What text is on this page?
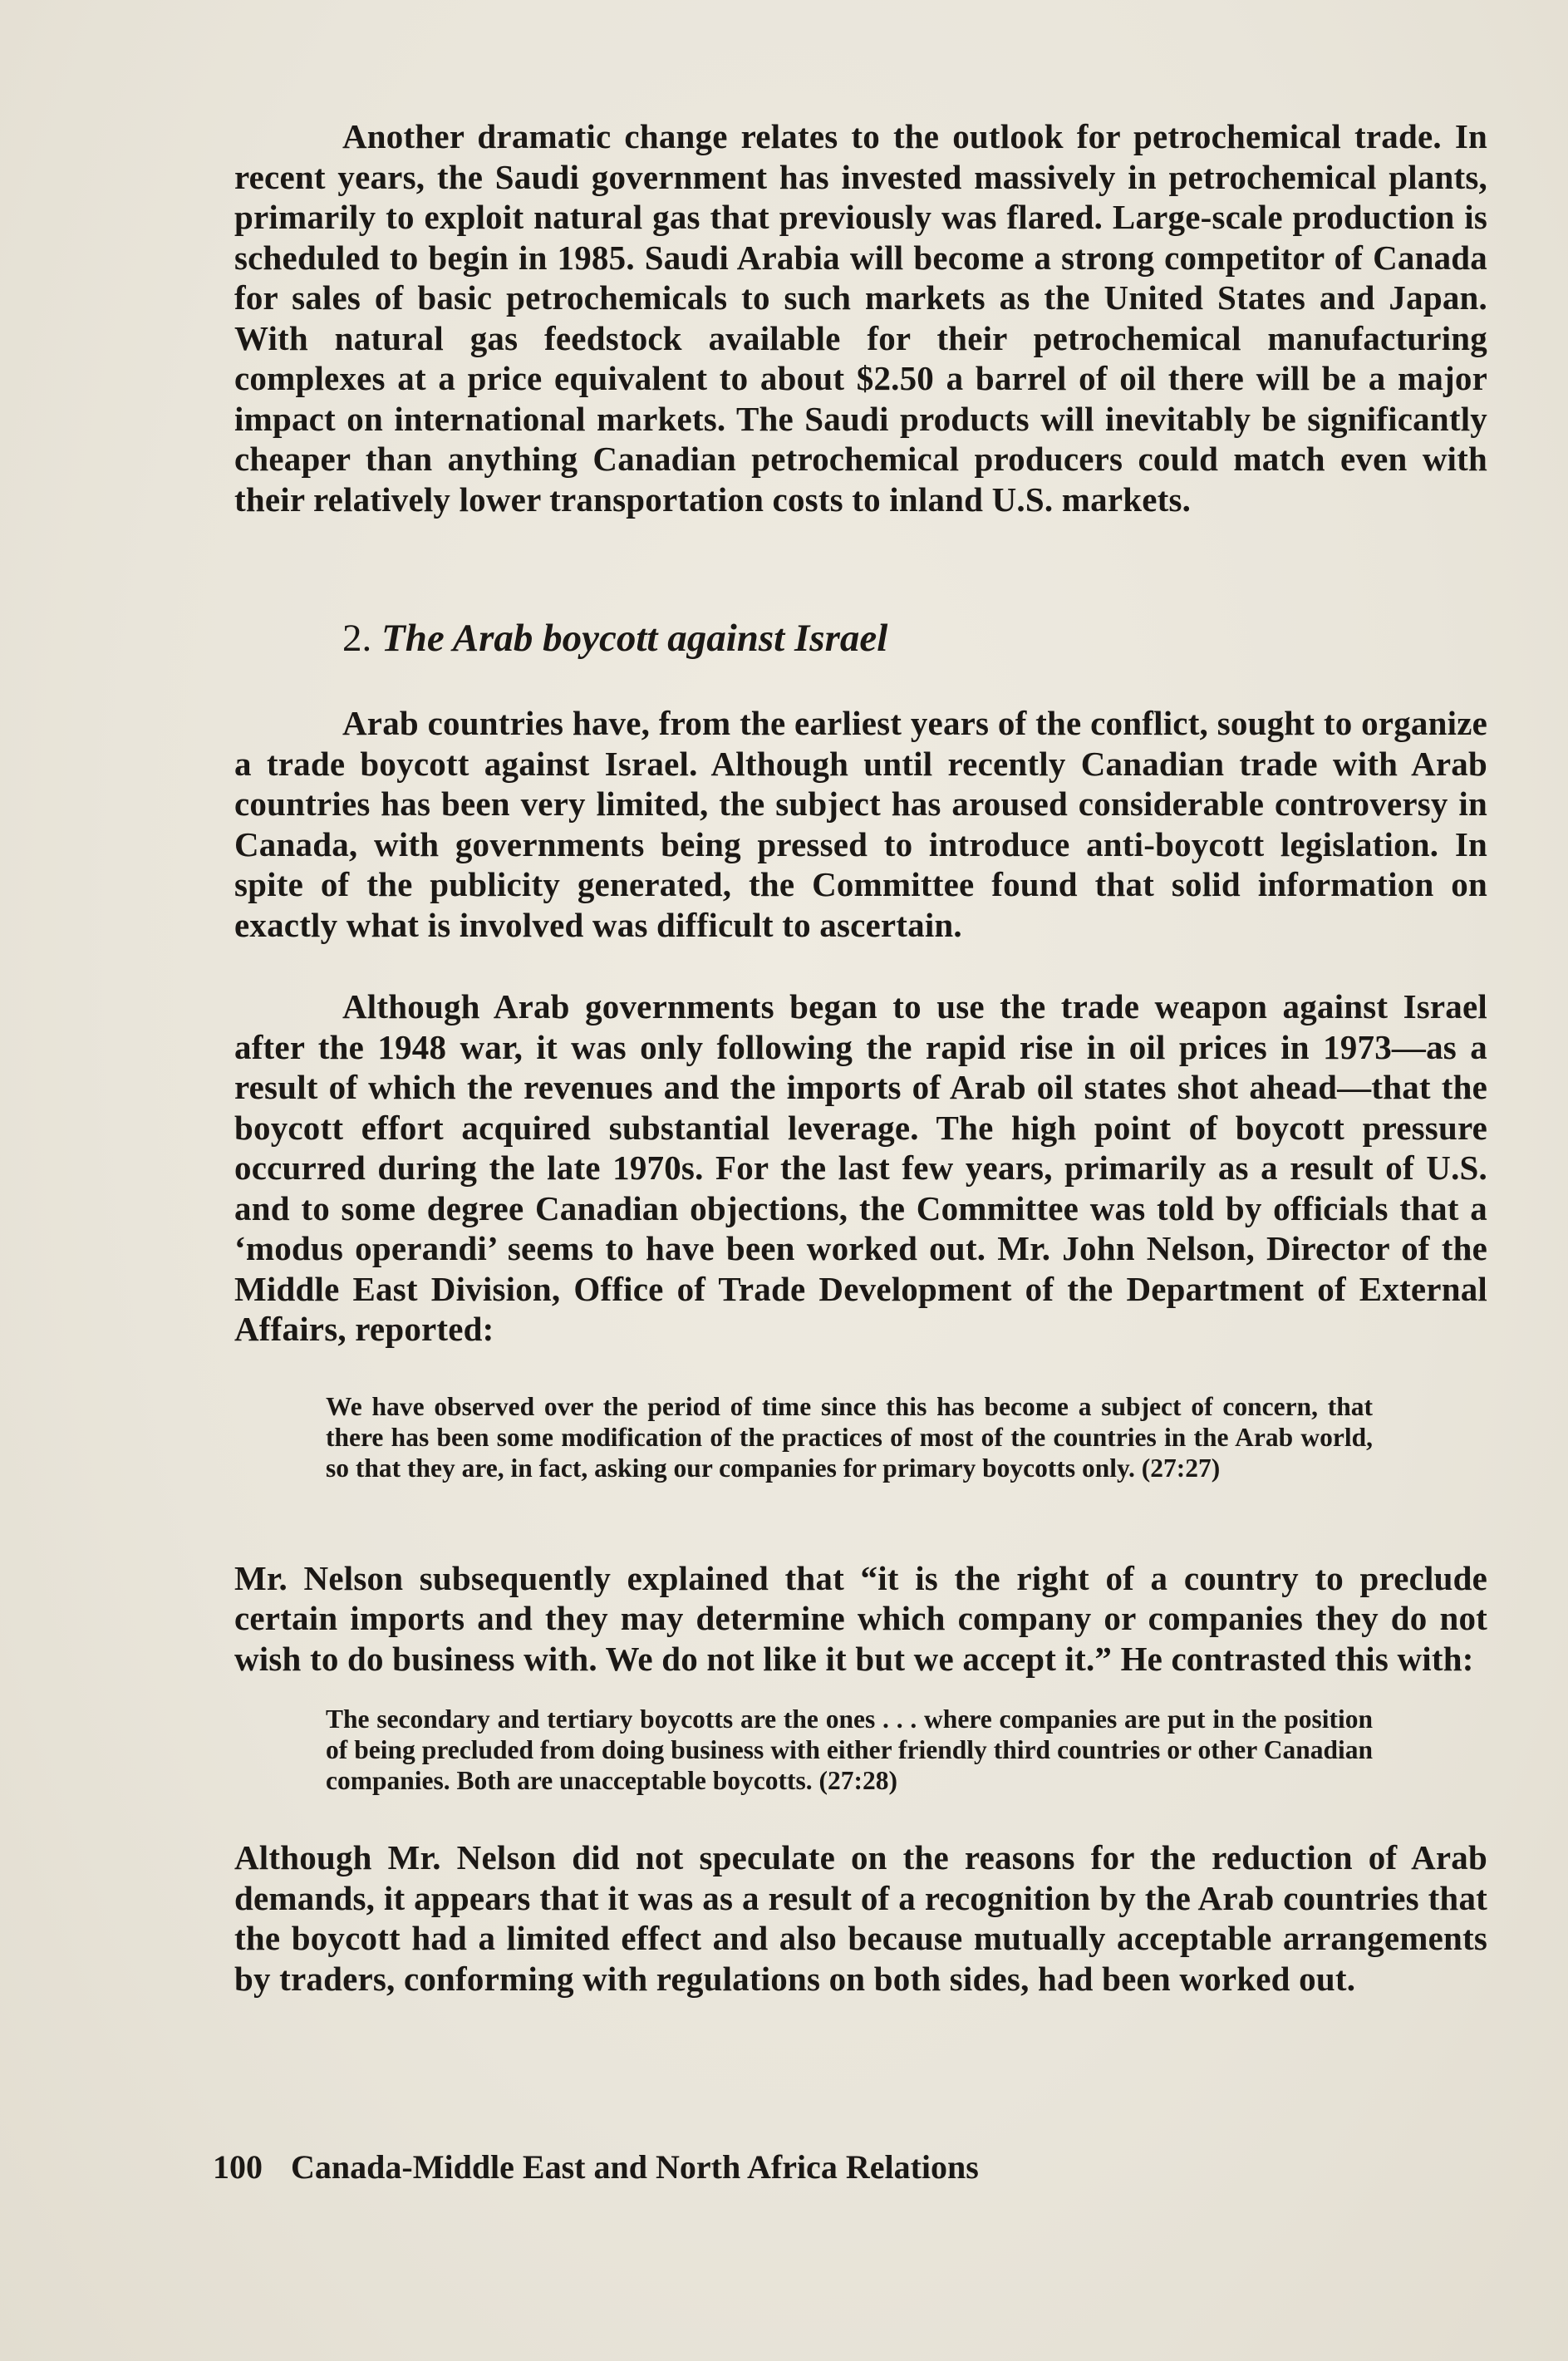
Another dramatic change relates to the outlook for petrochemical trade. In recent years, the Saudi government has invested massively in petrochemical plants, primarily to exploit natural gas that previously was flared. Large-scale production is scheduled to begin in 1985. Saudi Arabia will become a strong competitor of Canada for sales of basic petrochemicals to such markets as the United States and Japan. With natural gas feedstock available for their petrochemical manufacturing complexes at a price equivalent to about $2.50 a barrel of oil there will be a major impact on international markets. The Saudi products will inevitably be significantly cheaper than anything Canadian petrochemical producers could match even with their relatively lower transportation costs to inland U.S. markets.

2. The Arab boycott against Israel

Arab countries have, from the earliest years of the conflict, sought to organize a trade boycott against Israel. Although until recently Canadian trade with Arab countries has been very limited, the subject has aroused considerable controversy in Canada, with governments being pressed to introduce anti-boycott legislation. In spite of the publicity generated, the Committee found that solid information on exactly what is involved was difficult to ascertain.

Although Arab governments began to use the trade weapon against Israel after the 1948 war, it was only following the rapid rise in oil prices in 1973—as a result of which the revenues and the imports of Arab oil states shot ahead—that the boycott effort acquired substantial leverage. The high point of boycott pressure occurred during the late 1970s. For the last few years, primarily as a result of U.S. and to some degree Canadian objections, the Committee was told by officials that a ‘modus operandi’ seems to have been worked out. Mr. John Nelson, Director of the Middle East Division, Office of Trade Development of the Department of External Affairs, reported:

We have observed over the period of time since this has become a subject of concern, that there has been some modification of the practices of most of the countries in the Arab world, so that they are, in fact, asking our companies for primary boycotts only. (27:27)

Mr. Nelson subsequently explained that “it is the right of a country to preclude certain imports and they may determine which company or companies they do not wish to do business with. We do not like it but we accept it.” He contrasted this with:

The secondary and tertiary boycotts are the ones . . . where companies are put in the position of being precluded from doing business with either friendly third countries or other Canadian companies. Both are unacceptable boycotts. (27:28)

Although Mr. Nelson did not speculate on the reasons for the reduction of Arab demands, it appears that it was as a result of a recognition by the Arab countries that the boycott had a limited effect and also because mutually acceptable arrangements by traders, conforming with regulations on both sides, had been worked out.

100 Canada-Middle East and North Africa Relations
